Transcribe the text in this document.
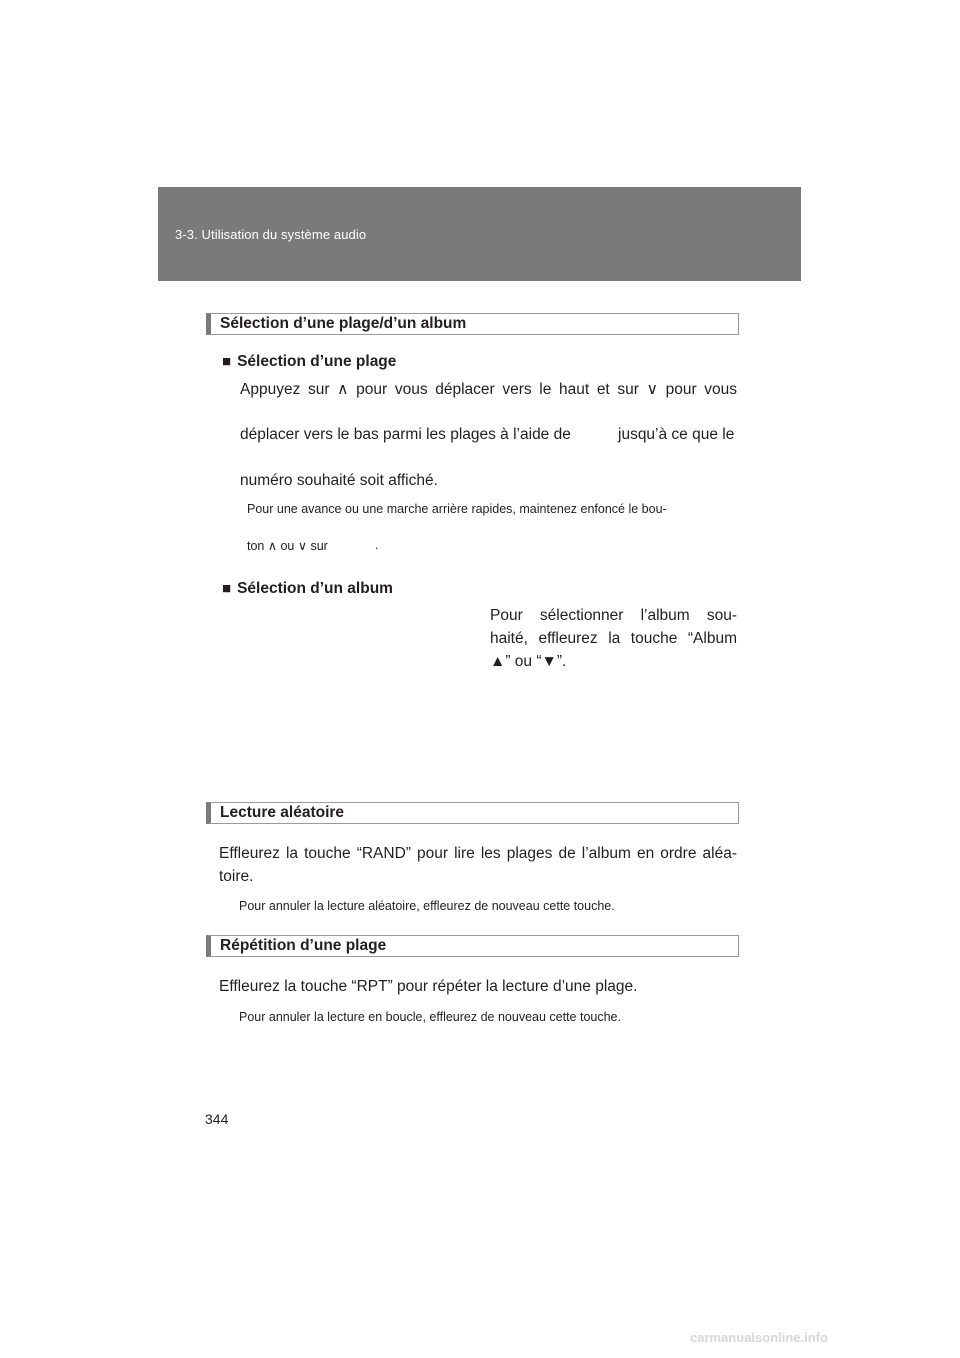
3-3. Utilisation du système audio
Sélection d’une plage/d’un album
■ Sélection d’une plage
Appuyez sur ∧ pour vous déplacer vers le haut et sur ∨ pour vous
déplacer vers le bas parmi les plages à l’aide de	jusqu’à ce que le
numéro souhaité soit affiché.
Pour une avance ou une marche arrière rapides, maintenez enfoncé le bou-
ton ∧ ou ∨ sur	.
■ Sélection d’un album
Pour sélectionner l’album sou-
haité, effleurez la touche “Album
▲” ou “▼”.
Lecture aléatoire
Effleurez la touche “RAND” pour lire les plages de l’album en ordre aléa-
toire.
Pour annuler la lecture aléatoire, effleurez de nouveau cette touche.
Répétition d’une plage
Effleurez la touche “RPT” pour répéter la lecture d’une plage.
Pour annuler la lecture en boucle, effleurez de nouveau cette touche.
344
carmanualsonline.info
